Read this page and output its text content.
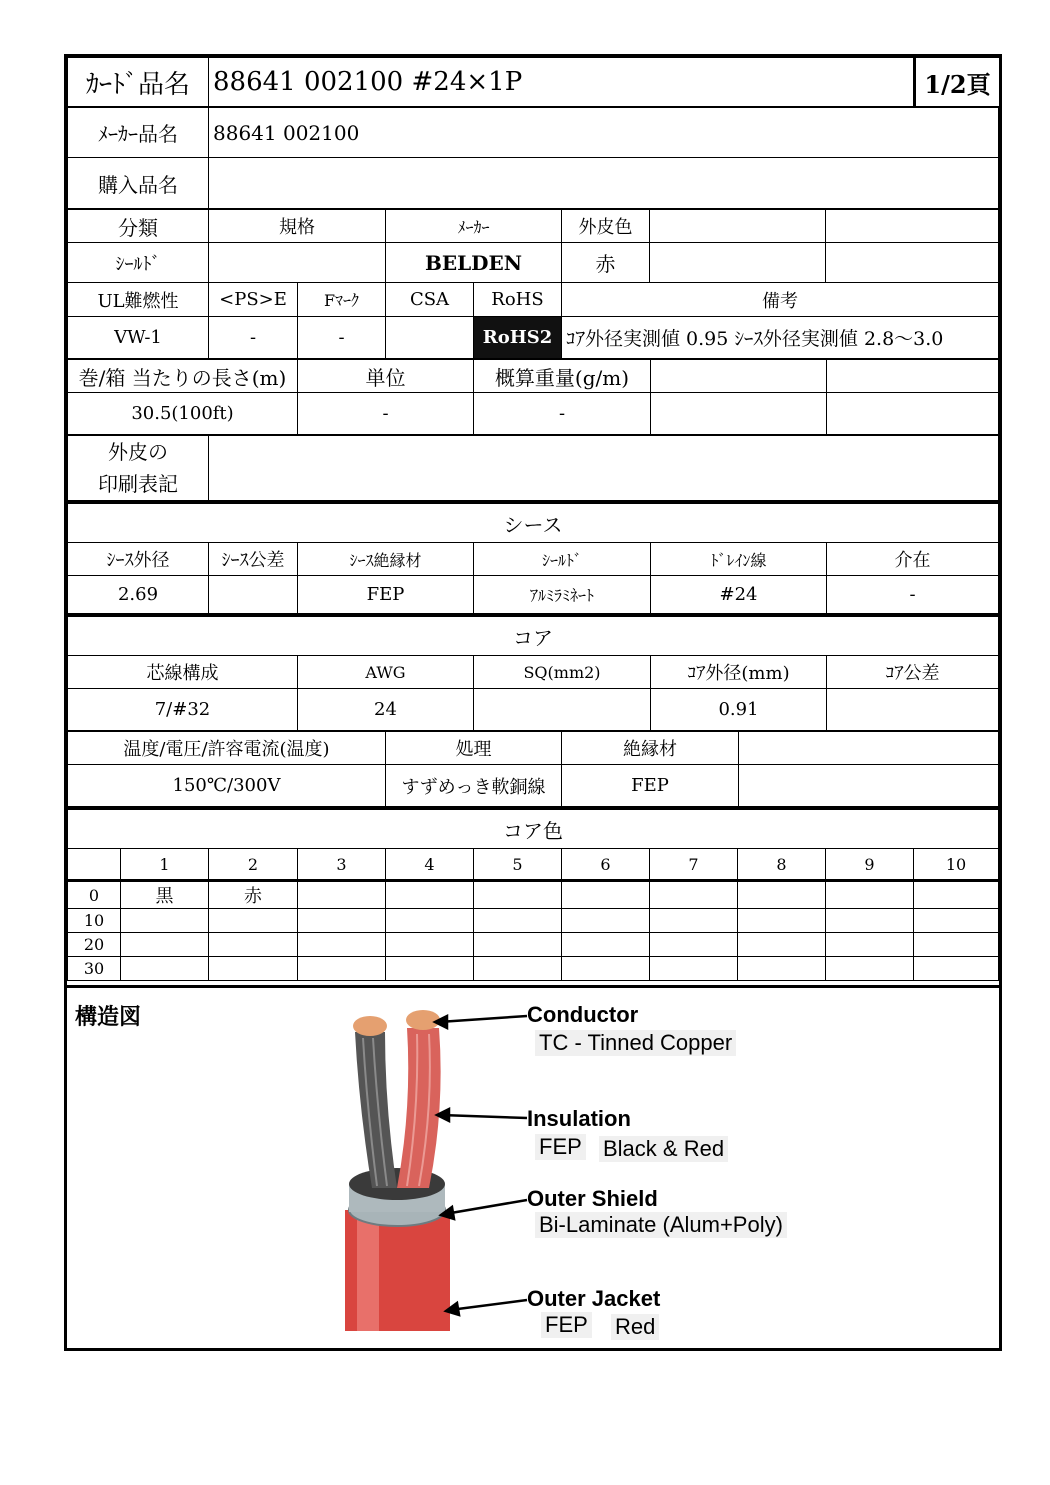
ｶｰﾄﾞ品名	88641 002100 #24×1P	1/2頁
ﾒｰｶｰ品名	88641 002100
購入品名	
分類	規格		ﾒｰｶｰ		外皮色		
ｼｰﾙﾄﾞ			BELDEN		赤		
UL難燃性	<PS>E	Fﾏｰｸ	CSA	RoHS	備考		
VW-1	-	-		RoHS2	ｺｱ外径実測値 0.95 ｼｰｽ外径実測値 2.8～3.0		
巻/箱 当たりの長さ(m)	単位	概算重量(g/m)		
30.5(100ft)	-	-		
外皮の
印刷表記

シース					
ｼｰｽ外径	ｼｰｽ公差	ｼｰｽ絶縁材	ｼｰﾙﾄﾞ	ﾄﾞﾚｲﾝ線	介在
2.69		FEP	ｱﾙﾐﾗﾐﾈｰﾄ	#24	-
コア				
芯線構成	AWG	SQ(mm2)	ｺｱ外径(mm)	ｺｱ公差
7/#32	24		0.91	
温度/電圧/許容電流(温度)	処理	絶縁材	
150℃/300V	すずめっき軟銅線	FEP	
コア色										
	1	2	3	4	5	6	7	8	9	10
0	黒	赤								
10										
20										
30										
構造図	Conductor
TC - Tinned Copper
Insulation
FEP Black & Red
Outer Shield
Bi-Laminate (Alum+Poly)
Outer Jacket
FEP Red
